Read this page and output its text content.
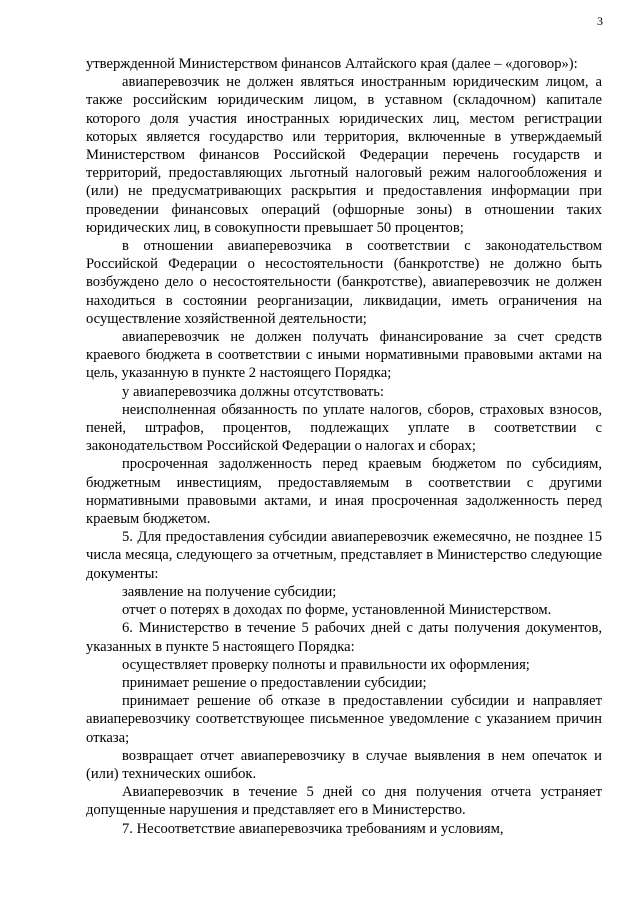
3

утвержденной Министерством финансов Алтайского края (далее – «договор»):

авиаперевозчик не должен являться иностранным юридическим лицом, а также российским юридическим лицом, в уставном (складочном) капитале которого доля участия иностранных юридических лиц, местом регистрации которых является государство или территория, включенные в утверждаемый Министерством финансов Российской Федерации перечень государств и территорий, предоставляющих льготный налоговый режим налогообложения и (или) не предусматривающих раскрытия и предоставления информации при проведении финансовых операций (офшорные зоны) в отношении таких юридических лиц, в совокупности превышает 50 процентов;

в отношении авиаперевозчика в соответствии с законодательством Российской Федерации о несостоятельности (банкротстве) не должно быть возбуждено дело о несостоятельности (банкротстве), авиаперевозчик не должен находиться в состоянии реорганизации, ликвидации, иметь ограничения на осуществление хозяйственной деятельности;

авиаперевозчик не должен получать финансирование за счет средств краевого бюджета в соответствии с иными нормативными правовыми актами на цель, указанную в пункте 2 настоящего Порядка;

у авиаперевозчика должны отсутствовать:

неисполненная обязанность по уплате налогов, сборов, страховых взносов, пеней, штрафов, процентов, подлежащих уплате в соответствии с законодательством Российской Федерации о налогах и сборах;

просроченная задолженность перед краевым бюджетом по субсидиям, бюджетным инвестициям, предоставляемым в соответствии с другими нормативными правовыми актами, и иная просроченная задолженность перед краевым бюджетом.

5. Для предоставления субсидии авиаперевозчик ежемесячно, не позднее 15 числа месяца, следующего за отчетным, представляет в Министерство следующие документы:

заявление на получение субсидии;

отчет о потерях в доходах по форме, установленной Министерством.

6. Министерство в течение 5 рабочих дней с даты получения документов, указанных в пункте 5 настоящего Порядка:

осуществляет проверку полноты и правильности их оформления;

принимает решение о предоставлении субсидии;

принимает решение об отказе в предоставлении субсидии и направляет авиаперевозчику соответствующее письменное уведомление с указанием причин отказа;

возвращает отчет авиаперевозчику в случае выявления в нем опечаток и (или) технических ошибок.

Авиаперевозчик в течение 5 дней со дня получения отчета устраняет допущенные нарушения и представляет его в Министерство.

7. Несоответствие авиаперевозчика требованиям и условиям,
